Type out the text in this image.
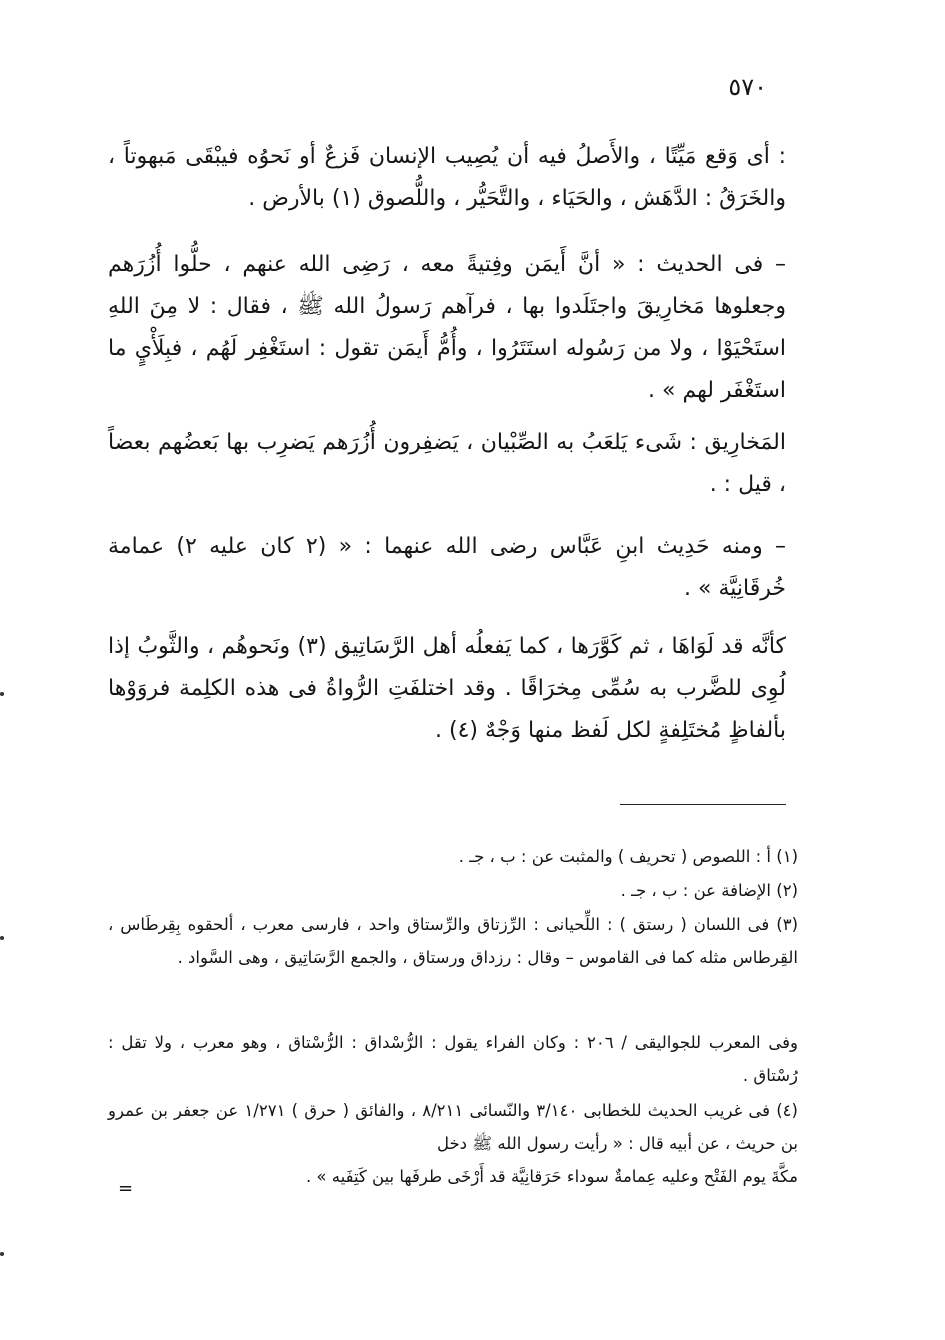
٥٧٠

: أى وَقع مَيِّتًا ، والأَصلُ فيه أن يُصِيب الإنسان فَزعٌ أو نَحوُه فيبْقَى مَبهوتاً ، والخَرَقُ : الدَّهَش ، والحَيَاء ، والتَّحَيُّر ، واللُّصوق (١) بالأرض .

– فى الحديث : « أنَّ أَيمَن وفِتيةً معه ، رَضِى الله عنهم ، حلُّوا أُزُرَهم وجعلوها مَخارِيقَ واجتَلَدوا بها ، فرآهم رَسولُ الله ﷺ ، فقال : لا مِنَ اللهِ استَحْيَوْا ، ولا من رَسُوله استَتَرُوا ، وأُمُّ أَيمَن تقول : استَغْفِر لَهُم ، فبِلَأْيٍ ما استَغْفَر لهم » .

المَخارِيق : شَىء يَلعَبُ به الصِّبْيان ، يَضفِرون أُزُرَهم يَضرِب بها بَعضُهم بعضاً ، قيل : .

– ومنه حَدِيث ابنِ عَبَّاس رضى الله عنهما : « (٢ كان عليه ٢) عمامة خُرقَانِيَّة » .

كأنَّه قد لَوَاهَا ، ثم كَوَّرَها ، كما يَفعلُه أهل الرَّسَاتِيق (٣) ونَحوهُم ، والثَّوبُ إذا لُوِى للضَّرب به سُمِّى مِخرَاقًا . وقد اختلفَتِ الرُّواةُ فى هذه الكلِمة فروَوْها بألفاظٍ مُختَلِفةٍ لكل لَفظ منها وَجْهٌ (٤) .

(١) أ : اللصوص ( تحريف ) والمثبت عن : ب ، جـ .

(٢) الإضافة عن : ب ، جـ .

(٣) فى اللسان ( رستق ) : اللِّحيانى : الرِّزتاق والرِّستاق واحد ، فارسى معرب ، ألحقوه بِقِرطَاس ، القِرطاس مثله كما فى القاموس – وقال : رزداق ورستاق ، والجمع الرَّسَاتِيق ، وهى السَّواد .

وفى المعرب للجواليقى / ٢٠٦ : وكان الفراء يقول : الرُّسْداق : الرُّسْتاق ، وهو معرب ، ولا تقل : رُسْتاق .

(٤) فى غريب الحديث للخطابى ٣/١٤٠ والنّسائى ٨/٢١١ ، والفائق ( حرق ) ١/٢٧١ عن جعفر بن عمرو بن حريث ، عن أبيه قال : « رأيت رسول الله ﷺ دخل

مكَّةَ يوم الفَتْح وعليه عِمامةٌ سوداء حَرَقانِيَّة قد أَرْخَى طرفَها بين كَتِفَيه » .

=
